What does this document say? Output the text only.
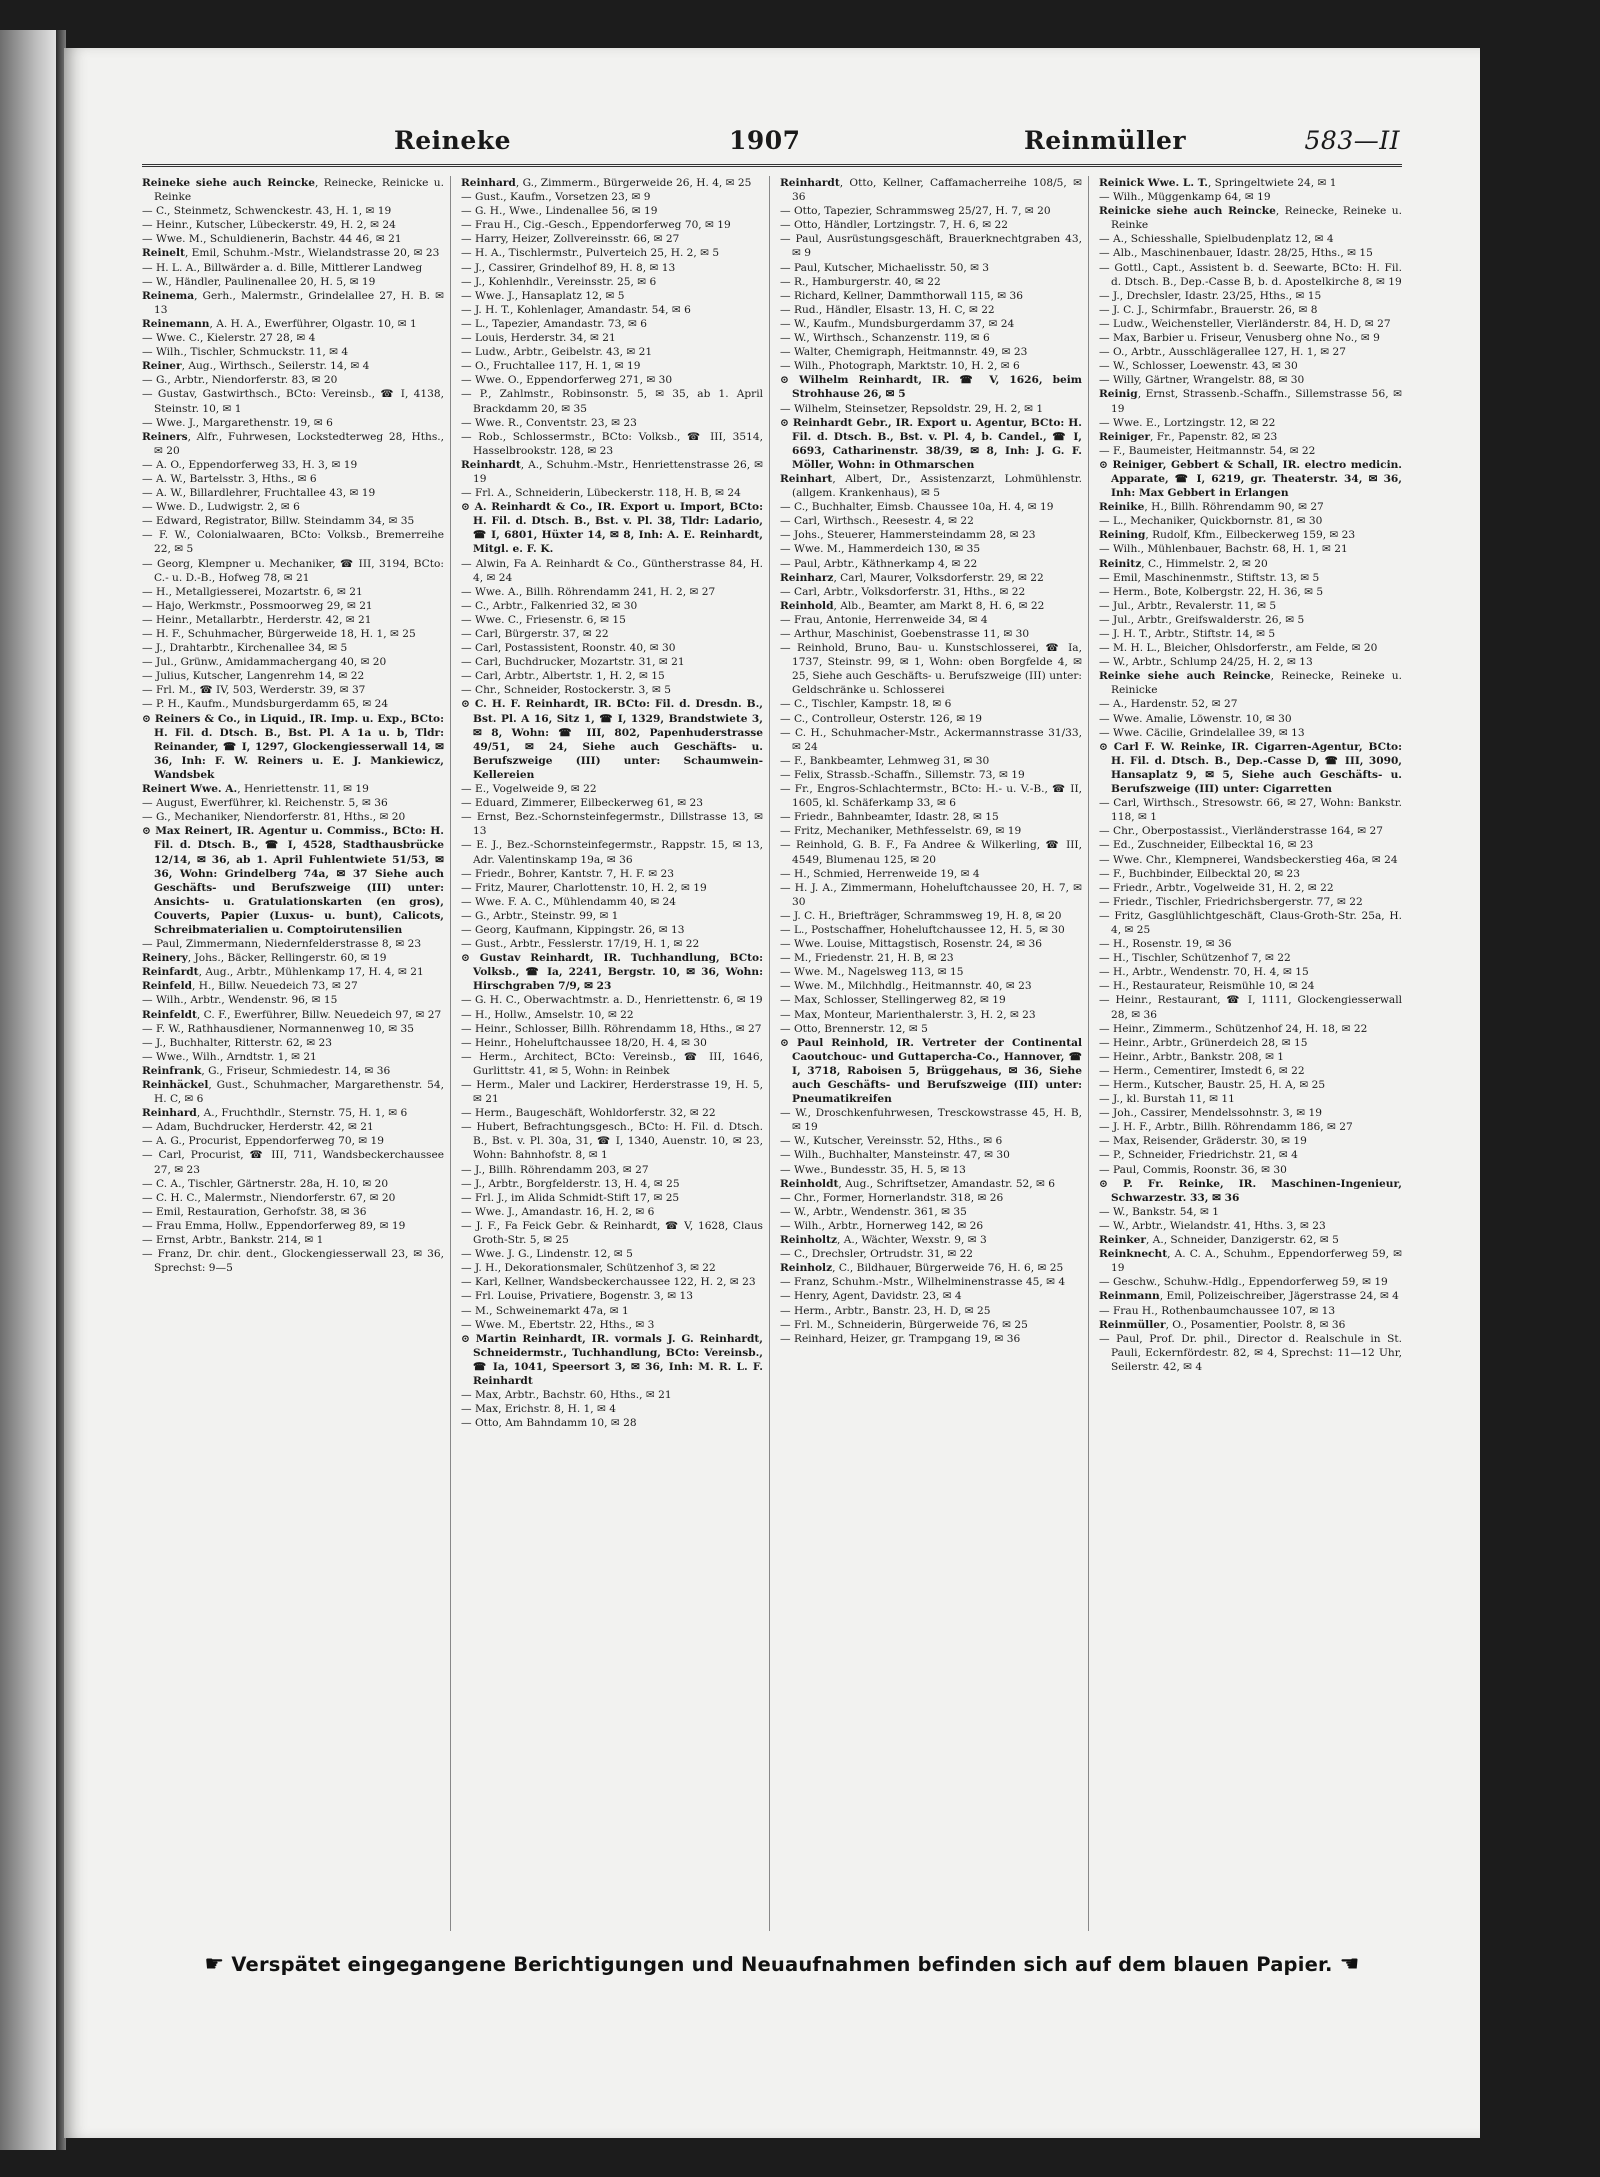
Reineke	1907	Reinmüller	583—II

Reineke siehe auch Reincke, Reinecke, Reinicke u. Reinke

— C., Steinmetz, Schwenckestr. 43, H. 1, ✉ 19

— Heinr., Kutscher, Lübeckerstr. 49, H. 2, ✉ 24

— Wwe. M., Schuldienerin, Bachstr. 44 46, ✉ 21

Reinelt, Emil, Schuhm.-Mstr., Wielandstrasse 20, ✉ 23

— H. L. A., Billwärder a. d. Bille, Mittlerer Landweg

— W., Händler, Paulinenallee 20, H. 5, ✉ 19

Reinema, Gerh., Malermstr., Grindelallee 27, H. B. ✉ 13

Reinemann, A. H. A., Ewerführer, Olgastr. 10, ✉ 1

— Wwe. C., Kielerstr. 27 28, ✉ 4

— Wilh., Tischler, Schmuckstr. 11, ✉ 4

Reiner, Aug., Wirthsch., Seilerstr. 14, ✉ 4

— G., Arbtr., Niendorferstr. 83, ✉ 20

— Gustav, Gastwirthsch., BCto: Vereinsb., ☎ I, 4138, Steinstr. 10, ✉ 1

— Wwe. J., Margarethenstr. 19, ✉ 6

Reiners, Alfr., Fuhrwesen, Lockstedterweg 28, Hths., ✉ 20

— A. O., Eppendorferweg 33, H. 3, ✉ 19

— A. W., Bartelsstr. 3, Hths., ✉ 6

— A. W., Billardlehrer, Fruchtallee 43, ✉ 19

— Wwe. D., Ludwigstr. 2, ✉ 6

— Edward, Registrator, Billw. Steindamm 34, ✉ 35

— F. W., Colonialwaaren, BCto: Volksb., Bremerreihe 22, ✉ 5

— Georg, Klempner u. Mechaniker, ☎ III, 3194, BCto: C.- u. D.-B., Hofweg 78, ✉ 21

— H., Metallgiesserei, Mozartstr. 6, ✉ 21

— Hajo, Werkmstr., Possmoorweg 29, ✉ 21

— Heinr., Metallarbtr., Herderstr. 42, ✉ 21

— H. F., Schuhmacher, Bürgerweide 18, H. 1, ✉ 25

— J., Drahtarbtr., Kirchenallee 34, ✉ 5

— Jul., Grünw., Amidammachergang 40, ✉ 20

— Julius, Kutscher, Langenrehm 14, ✉ 22

— Frl. M., ☎ IV, 503, Werderstr. 39, ✉ 37

— P. H., Kaufm., Mundsburgerdamm 65, ✉ 24

⊙ Reiners & Co., in Liquid., IR. Imp. u. Exp., BCto: H. Fil. d. Dtsch. B., Bst. Pl. A 1a u. b, Tldr: Reinander, ☎ I, 1297, Glockengiesserwall 14, ✉ 36, Inh: F. W. Reiners u. E. J. Mankiewicz, Wandsbek

Reinert Wwe. A., Henriettenstr. 11, ✉ 19

— August, Ewerführer, kl. Reichenstr. 5, ✉ 36

— G., Mechaniker, Niendorferstr. 81, Hths., ✉ 20

⊙ Max Reinert, IR. Agentur u. Commiss., BCto: H. Fil. d. Dtsch. B., ☎ I, 4528, Stadthausbrücke 12/14, ✉ 36, ab 1. April Fuhlentwiete 51/53, ✉ 36, Wohn: Grindelberg 74a, ✉ 37 Siehe auch Geschäfts- und Berufszweige (III) unter: Ansichts- u. Gratulationskarten (en gros), Couverts, Papier (Luxus- u. bunt), Calicots, Schreibmaterialien u. Comptoirutensilien

— Paul, Zimmermann, Niedernfelderstrasse 8, ✉ 23

Reinery, Johs., Bäcker, Rellingerstr. 60, ✉ 19

Reinfardt, Aug., Arbtr., Mühlenkamp 17, H. 4, ✉ 21

Reinfeld, H., Billw. Neuedeich 73, ✉ 27

— Wilh., Arbtr., Wendenstr. 96, ✉ 15

Reinfeldt, C. F., Ewerführer, Billw. Neuedeich 97, ✉ 27

— F. W., Rathhausdiener, Normannenweg 10, ✉ 35

— J., Buchhalter, Ritterstr. 62, ✉ 23

— Wwe., Wilh., Arndtstr. 1, ✉ 21

Reinfrank, G., Friseur, Schmiedestr. 14, ✉ 36

Reinhäckel, Gust., Schuhmacher, Margarethenstr. 54, H. C, ✉ 6

Reinhard, A., Fruchthdlr., Sternstr. 75, H. 1, ✉ 6

— Adam, Buchdrucker, Herderstr. 42, ✉ 21

— A. G., Procurist, Eppendorferweg 70, ✉ 19

— Carl, Procurist, ☎ III, 711, Wandsbeckerchaussee 27, ✉ 23

— C. A., Tischler, Gärtnerstr. 28a, H. 10, ✉ 20

— C. H. C., Malermstr., Niendorferstr. 67, ✉ 20

— Emil, Restauration, Gerhofstr. 38, ✉ 36

— Frau Emma, Hollw., Eppendorferweg 89, ✉ 19

— Ernst, Arbtr., Bankstr. 214, ✉ 1

— Franz, Dr. chir. dent., Glockengiesserwall 23, ✉ 36, Sprechst: 9—5

Reinhard, G., Zimmerm., Bürgerweide 26, H. 4, ✉ 25

— Gust., Kaufm., Vorsetzen 23, ✉ 9

— G. H., Wwe., Lindenallee 56, ✉ 19

— Frau H., Cig.-Gesch., Eppendorferweg 70, ✉ 19

— Harry, Heizer, Zollvereinsstr. 66, ✉ 27

— H. A., Tischlermstr., Pulverteich 25, H. 2, ✉ 5

— J., Cassirer, Grindelhof 89, H. 8, ✉ 13

— J., Kohlenhdlr., Vereinsstr. 25, ✉ 6

— Wwe. J., Hansaplatz 12, ✉ 5

— J. H. T., Kohlenlager, Amandastr. 54, ✉ 6

— L., Tapezier, Amandastr. 73, ✉ 6

— Louis, Herderstr. 34, ✉ 21

— Ludw., Arbtr., Geibelstr. 43, ✉ 21

— O., Fruchtallee 117, H. 1, ✉ 19

— Wwe. O., Eppendorferweg 271, ✉ 30

— P., Zahlmstr., Robinsonstr. 5, ✉ 35, ab 1. April Brackdamm 20, ✉ 35

— Wwe. R., Conventstr. 23, ✉ 23

— Rob., Schlossermstr., BCto: Volksb., ☎ III, 3514, Hasselbrookstr. 128, ✉ 23

Reinhardt, A., Schuhm.-Mstr., Henriettenstrasse 26, ✉ 19

— Frl. A., Schneiderin, Lübeckerstr. 118, H. B, ✉ 24

⊙ A. Reinhardt & Co., IR. Export u. Import, BCto: H. Fil. d. Dtsch. B., Bst. v. Pl. 38, Tldr: Ladario, ☎ I, 6801, Hüxter 14, ✉ 8, Inh: A. E. Reinhardt, Mitgl. e. F. K.

— Alwin, Fa A. Reinhardt & Co., Güntherstrasse 84, H. 4, ✉ 24

— Wwe. A., Billh. Röhrendamm 241, H. 2, ✉ 27

— C., Arbtr., Falkenried 32, ✉ 30

— Wwe. C., Friesenstr. 6, ✉ 15

— Carl, Bürgerstr. 37, ✉ 22

— Carl, Postassistent, Roonstr. 40, ✉ 30

— Carl, Buchdrucker, Mozartstr. 31, ✉ 21

— Carl, Arbtr., Albertstr. 1, H. 2, ✉ 15

— Chr., Schneider, Rostockerstr. 3, ✉ 5

⊙ C. H. F. Reinhardt, IR. BCto: Fil. d. Dresdn. B., Bst. Pl. A 16, Sitz 1, ☎ I, 1329, Brandstwiete 3, ✉ 8, Wohn: ☎ III, 802, Papenhuderstrasse 49/51, ✉ 24, Siehe auch Geschäfts- u. Berufszweige (III) unter: Schaumwein-Kellereien

— E., Vogelweide 9, ✉ 22

— Eduard, Zimmerer, Eilbeckerweg 61, ✉ 23

— Ernst, Bez.-Schornsteinfegermstr., Dillstrasse 13, ✉ 13

— E. J., Bez.-Schornsteinfegermstr., Rappstr. 15, ✉ 13, Adr. Valentinskamp 19a, ✉ 36

— Friedr., Bohrer, Kantstr. 7, H. F. ✉ 23

— Fritz, Maurer, Charlottenstr. 10, H. 2, ✉ 19

— Wwe. F. A. C., Mühlendamm 40, ✉ 24

— G., Arbtr., Steinstr. 99, ✉ 1

— Georg, Kaufmann, Kippingstr. 26, ✉ 13

— Gust., Arbtr., Fesslerstr. 17/19, H. 1, ✉ 22

⊙ Gustav Reinhardt, IR. Tuchhandlung, BCto: Volksb., ☎ Ia, 2241, Bergstr. 10, ✉ 36, Wohn: Hirschgraben 7/9, ✉ 23

— G. H. C., Oberwachtmstr. a. D., Henriettenstr. 6, ✉ 19

— H., Hollw., Amselstr. 10, ✉ 22

— Heinr., Schlosser, Billh. Röhrendamm 18, Hths., ✉ 27

— Heinr., Hoheluftchaussee 18/20, H. 4, ✉ 30

— Herm., Architect, BCto: Vereinsb., ☎ III, 1646, Gurlittstr. 41, ✉ 5, Wohn: in Reinbek

— Herm., Maler und Lackirer, Herderstrasse 19, H. 5, ✉ 21

— Herm., Baugeschäft, Wohldorferstr. 32, ✉ 22

— Hubert, Befrachtungsgesch., BCto: H. Fil. d. Dtsch. B., Bst. v. Pl. 30a, 31, ☎ I, 1340, Auenstr. 10, ✉ 23, Wohn: Bahnhofstr. 8, ✉ 1

— J., Billh. Röhrendamm 203, ✉ 27

— J., Arbtr., Borgfelderstr. 13, H. 4, ✉ 25

— Frl. J., im Alida Schmidt-Stift 17, ✉ 25

— Wwe. J., Amandastr. 16, H. 2, ✉ 6

— J. F., Fa Feick Gebr. & Reinhardt, ☎ V, 1628, Claus Groth-Str. 5, ✉ 25

— Wwe. J. G., Lindenstr. 12, ✉ 5

— J. H., Dekorationsmaler, Schützenhof 3, ✉ 22

— Karl, Kellner, Wandsbeckerchaussee 122, H. 2, ✉ 23

— Frl. Louise, Privatiere, Bogenstr. 3, ✉ 13

— M., Schweinemarkt 47a, ✉ 1

— Wwe. M., Ebertstr. 22, Hths., ✉ 3

⊙ Martin Reinhardt, IR. vormals J. G. Reinhardt, Schneidermstr., Tuchhandlung, BCto: Vereinsb., ☎ Ia, 1041, Speersort 3, ✉ 36, Inh: M. R. L. F. Reinhardt

— Max, Arbtr., Bachstr. 60, Hths., ✉ 21

— Max, Erichstr. 8, H. 1, ✉ 4

— Otto, Am Bahndamm 10, ✉ 28

Reinhardt, Otto, Kellner, Caffamacherreihe 108/5, ✉ 36

— Otto, Tapezier, Schrammsweg 25/27, H. 7, ✉ 20

— Otto, Händler, Lortzingstr. 7, H. 6, ✉ 22

— Paul, Ausrüstungsgeschäft, Brauerknechtgraben 43, ✉ 9

— Paul, Kutscher, Michaelisstr. 50, ✉ 3

— R., Hamburgerstr. 40, ✉ 22

— Richard, Kellner, Dammthorwall 115, ✉ 36

— Rud., Händler, Elsastr. 13, H. C, ✉ 22

— W., Kaufm., Mundsburgerdamm 37, ✉ 24

— W., Wirthsch., Schanzenstr. 119, ✉ 6

— Walter, Chemigraph, Heitmannstr. 49, ✉ 23

— Wilh., Photograph, Marktstr. 10, H. 2, ✉ 6

⊙ Wilhelm Reinhardt, IR. ☎ V, 1626, beim Strohhause 26, ✉ 5

— Wilhelm, Steinsetzer, Repsoldstr. 29, H. 2, ✉ 1

⊙ Reinhardt Gebr., IR. Export u. Agentur, BCto: H. Fil. d. Dtsch. B., Bst. v. Pl. 4, b. Candel., ☎ I, 6693, Catharinenstr. 38/39, ✉ 8, Inh: J. G. F. Möller, Wohn: in Othmarschen

Reinhart, Albert, Dr., Assistenzarzt, Lohmühlenstr. (allgem. Krankenhaus), ✉ 5

— C., Buchhalter, Eimsb. Chaussee 10a, H. 4, ✉ 19

— Carl, Wirthsch., Reesestr. 4, ✉ 22

— Johs., Steuerer, Hammersteindamm 28, ✉ 23

— Wwe. M., Hammerdeich 130, ✉ 35

— Paul, Arbtr., Käthnerkamp 4, ✉ 22

Reinharz, Carl, Maurer, Volksdorferstr. 29, ✉ 22

— Carl, Arbtr., Volksdorferstr. 31, Hths., ✉ 22

Reinhold, Alb., Beamter, am Markt 8, H. 6, ✉ 22

— Frau, Antonie, Herrenweide 34, ✉ 4

— Arthur, Maschinist, Goebenstrasse 11, ✉ 30

— Reinhold, Bruno, Bau- u. Kunstschlosserei, ☎ Ia, 1737, Steinstr. 99, ✉ 1, Wohn: oben Borgfelde 4, ✉ 25, Siehe auch Geschäfts- u. Berufszweige (III) unter: Geldschränke u. Schlosserei

— C., Tischler, Kampstr. 18, ✉ 6

— C., Controlleur, Osterstr. 126, ✉ 19

— C. H., Schuhmacher-Mstr., Ackermannstrasse 31/33, ✉ 24

— F., Bankbeamter, Lehmweg 31, ✉ 30

— Felix, Strassb.-Schaffn., Sillemstr. 73, ✉ 19

— Fr., Engros-Schlachtermstr., BCto: H.- u. V.-B., ☎ II, 1605, kl. Schäferkamp 33, ✉ 6

— Friedr., Bahnbeamter, Idastr. 28, ✉ 15

— Fritz, Mechaniker, Methfesselstr. 69, ✉ 19

— Reinhold, G. B. F., Fa Andree & Wilkerling, ☎ III, 4549, Blumenau 125, ✉ 20

— H., Schmied, Herrenweide 19, ✉ 4

— H. J. A., Zimmermann, Hoheluftchaussee 20, H. 7, ✉ 30

— J. C. H., Briefträger, Schrammsweg 19, H. 8, ✉ 20

— L., Postschaffner, Hoheluftchaussee 12, H. 5, ✉ 30

— Wwe. Louise, Mittagstisch, Rosenstr. 24, ✉ 36

— M., Friedenstr. 21, H. B, ✉ 23

— Wwe. M., Nagelsweg 113, ✉ 15

— Wwe. M., Milchhdlg., Heitmannstr. 40, ✉ 23

— Max, Schlosser, Stellingerweg 82, ✉ 19

— Max, Monteur, Marienthalerstr. 3, H. 2, ✉ 23

— Otto, Brennerstr. 12, ✉ 5

⊙ Paul Reinhold, IR. Vertreter der Continental Caoutchouc- und Guttapercha-Co., Hannover, ☎ I, 3718, Raboisen 5, Brüggehaus, ✉ 36, Siehe auch Geschäfts- und Berufszweige (III) unter: Pneumatikreifen

— W., Droschkenfuhrwesen, Tresckowstrasse 45, H. B, ✉ 19

— W., Kutscher, Vereinsstr. 52, Hths., ✉ 6

— Wilh., Buchhalter, Mansteinstr. 47, ✉ 30

— Wwe., Bundesstr. 35, H. 5, ✉ 13

Reinholdt, Aug., Schriftsetzer, Amandastr. 52, ✉ 6

— Chr., Former, Hornerlandstr. 318, ✉ 26

— W., Arbtr., Wendenstr. 361, ✉ 35

— Wilh., Arbtr., Hornerweg 142, ✉ 26

Reinholtz, A., Wächter, Wexstr. 9, ✉ 3

— C., Drechsler, Ortrudstr. 31, ✉ 22

Reinholz, C., Bildhauer, Bürgerweide 76, H. 6, ✉ 25

— Franz, Schuhm.-Mstr., Wilhelminenstrasse 45, ✉ 4

— Henry, Agent, Davidstr. 23, ✉ 4

— Herm., Arbtr., Banstr. 23, H. D, ✉ 25

— Frl. M., Schneiderin, Bürgerweide 76, ✉ 25

— Reinhard, Heizer, gr. Trampgang 19, ✉ 36

Reinick Wwe. L. T., Springeltwiete 24, ✉ 1

— Wilh., Müggenkamp 64, ✉ 19

Reinicke siehe auch Reincke, Reinecke, Reineke u. Reinke

— A., Schiesshalle, Spielbudenplatz 12, ✉ 4

— Alb., Maschinenbauer, Idastr. 28/25, Hths., ✉ 15

— Gottl., Capt., Assistent b. d. Seewarte, BCto: H. Fil. d. Dtsch. B., Dep.-Casse B, b. d. Apostelkirche 8, ✉ 19

— J., Drechsler, Idastr. 23/25, Hths., ✉ 15

— J. C. J., Schirmfabr., Brauerstr. 26, ✉ 8

— Ludw., Weichensteller, Vierländerstr. 84, H. D, ✉ 27

— Max, Barbier u. Friseur, Venusberg ohne No., ✉ 9

— O., Arbtr., Ausschlägerallee 127, H. 1, ✉ 27

— W., Schlosser, Loewenstr. 43, ✉ 30

— Willy, Gärtner, Wrangelstr. 88, ✉ 30

Reinig, Ernst, Strassenb.-Schaffn., Sillemstrasse 56, ✉ 19

— Wwe. E., Lortzingstr. 12, ✉ 22

Reiniger, Fr., Papenstr. 82, ✉ 23

— F., Baumeister, Heitmannstr. 54, ✉ 22

⊙ Reiniger, Gebbert & Schall, IR. electro medicin. Apparate, ☎ I, 6219, gr. Theaterstr. 34, ✉ 36, Inh: Max Gebbert in Erlangen

Reinike, H., Billh. Röhrendamm 90, ✉ 27

— L., Mechaniker, Quickbornstr. 81, ✉ 30

Reining, Rudolf, Kfm., Eilbeckerweg 159, ✉ 23

— Wilh., Mühlenbauer, Bachstr. 68, H. 1, ✉ 21

Reinitz, C., Himmelstr. 2, ✉ 20

— Emil, Maschinenmstr., Stiftstr. 13, ✉ 5

— Herm., Bote, Kolbergstr. 22, H. 36, ✉ 5

— Jul., Arbtr., Revalerstr. 11, ✉ 5

— Jul., Arbtr., Greifswalderstr. 26, ✉ 5

— J. H. T., Arbtr., Stiftstr. 14, ✉ 5

— M. H. L., Bleicher, Ohlsdorferstr., am Felde, ✉ 20

— W., Arbtr., Schlump 24/25, H. 2, ✉ 13

Reinke siehe auch Reincke, Reinecke, Reineke u. Reinicke

— A., Hardenstr. 52, ✉ 27

— Wwe. Amalie, Löwenstr. 10, ✉ 30

— Wwe. Cäcilie, Grindelallee 39, ✉ 13

⊙ Carl F. W. Reinke, IR. Cigarren-Agentur, BCto: H. Fil. d. Dtsch. B., Dep.-Casse D, ☎ III, 3090, Hansaplatz 9, ✉ 5, Siehe auch Geschäfts- u. Berufszweige (III) unter: Cigarretten

— Carl, Wirthsch., Stresowstr. 66, ✉ 27, Wohn: Bankstr. 118, ✉ 1

— Chr., Oberpostassist., Vierländerstrasse 164, ✉ 27

— Ed., Zuschneider, Eilbecktal 16, ✉ 23

— Wwe. Chr., Klempnerei, Wandsbeckerstieg 46a, ✉ 24

— F., Buchbinder, Eilbecktal 20, ✉ 23

— Friedr., Arbtr., Vogelweide 31, H. 2, ✉ 22

— Friedr., Tischler, Friedrichsbergerstr. 77, ✉ 22

— Fritz, Gasglühlichtgeschäft, Claus-Groth-Str. 25a, H. 4, ✉ 25

— H., Rosenstr. 19, ✉ 36

— H., Tischler, Schützenhof 7, ✉ 22

— H., Arbtr., Wendenstr. 70, H. 4, ✉ 15

— H., Restaurateur, Reismühle 10, ✉ 24

— Heinr., Restaurant, ☎ I, 1111, Glockengiesserwall 28, ✉ 36

— Heinr., Zimmerm., Schützenhof 24, H. 18, ✉ 22

— Heinr., Arbtr., Grünerdeich 28, ✉ 15

— Heinr., Arbtr., Bankstr. 208, ✉ 1

— Herm., Cementirer, Imstedt 6, ✉ 22

— Herm., Kutscher, Baustr. 25, H. A, ✉ 25

— J., kl. Burstah 11, ✉ 11

— Joh., Cassirer, Mendelssohnstr. 3, ✉ 19

— J. H. F., Arbtr., Billh. Röhrendamm 186, ✉ 27

— Max, Reisender, Gräderstr. 30, ✉ 19

— P., Schneider, Friedrichstr. 21, ✉ 4

— Paul, Commis, Roonstr. 36, ✉ 30

⊙ P. Fr. Reinke, IR. Maschinen-Ingenieur, Schwarzestr. 33, ✉ 36

— W., Bankstr. 54, ✉ 1

— W., Arbtr., Wielandstr. 41, Hths. 3, ✉ 23

Reinker, A., Schneider, Danzigerstr. 62, ✉ 5

Reinknecht, A. C. A., Schuhm., Eppendorferweg 59, ✉ 19

— Geschw., Schuhw.-Hdlg., Eppendorferweg 59, ✉ 19

Reinmann, Emil, Polizeischreiber, Jägerstrasse 24, ✉ 4

— Frau H., Rothenbaumchaussee 107, ✉ 13

Reinmüller, O., Posamentier, Poolstr. 8, ✉ 36

— Paul, Prof. Dr. phil., Director d. Realschule in St. Pauli, Eckernfördestr. 82, ✉ 4, Sprechst: 11—12 Uhr, Seilerstr. 42, ✉ 4

☛ Verspätet eingegangene Berichtigungen und Neuaufnahmen befinden sich auf dem blauen Papier. ☚
